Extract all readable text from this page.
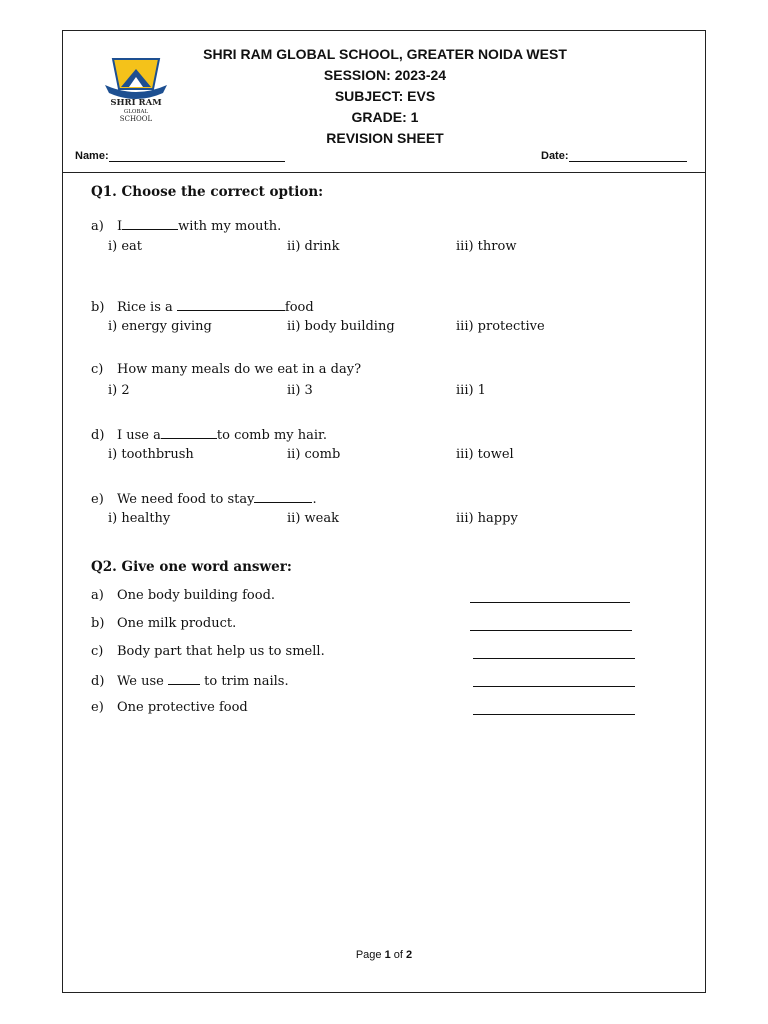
SHRI RAM
GLOBAL
SCHOOL
SHRI RAM GLOBAL SCHOOL, GREATER NOIDA WEST
SESSION: 2023-24
SUBJECT: EVS
GRADE: 1
REVISION SHEET
Name:	Date:
Q1. Choose the correct option:
a) I	with my mouth.
i) eat	ii) drink	iii) throw
b) Rice is a	food
i) energy giving	ii) body building	iii) protective
c) How many meals do we eat in a day?
i) 2	ii) 3	iii) 1
d) I use a	to comb my hair.
i) toothbrush	ii) comb	iii) towel
e) We need food to stay	.
i) healthy	ii) weak	iii) happy
Q2. Give one word answer:
a) One body building food.
b) One milk product.
c) Body part that help us to smell.
d) We use  to trim nails.
e) One protective food
Page 1 of 2
